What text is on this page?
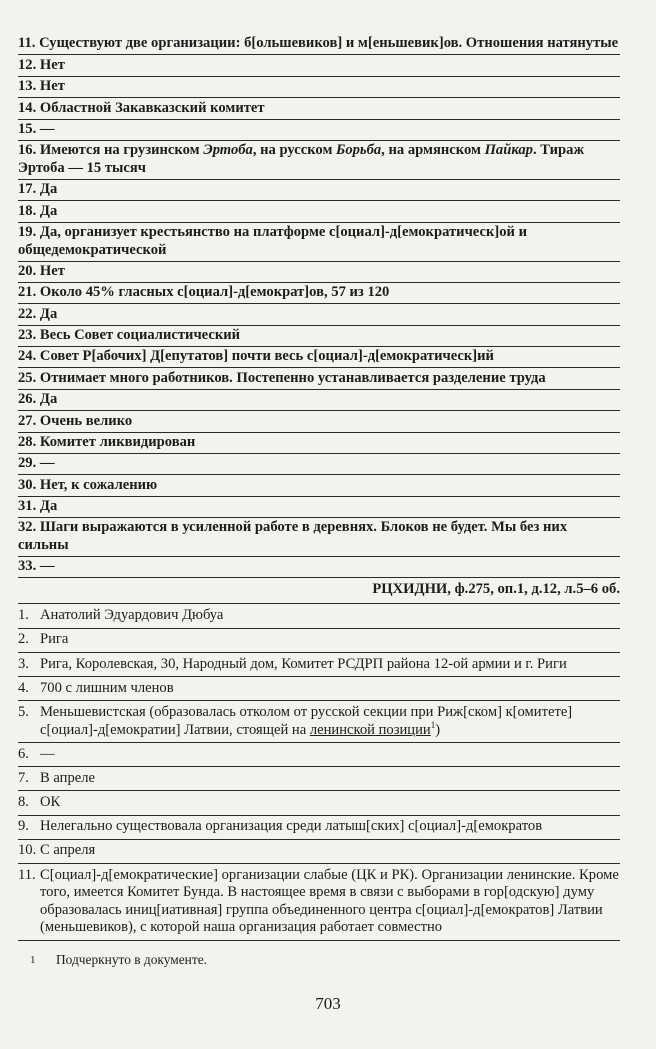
11. Существуют две организации: б[ольшевиков] и м[еньшевик]ов. Отношения натянутые
12. Нет
13. Нет
14. Областной Закавказский комитет
15. —
16. Имеются на грузинском Эртоба, на русском Борьба, на армянском Пайкар. Тираж Эртоба — 15 тысяч
17. Да
18. Да
19. Да, организует крестьянство на платформе с[оциал]-д[емократическ]ой и общедемократической
20. Нет
21. Около 45% гласных с[оциал]-д[емократ]ов, 57 из 120
22. Да
23. Весь Совет социалистический
24. Совет Р[абочих] Д[епутатов] почти весь с[оциал]-д[емократическ]ий
25. Отнимает много работников. Постепенно устанавливается разделение труда
26. Да
27. Очень велико
28. Комитет ликвидирован
29. —
30. Нет, к сожалению
31. Да
32. Шаги выражаются в усиленной работе в деревнях. Блоков не будет. Мы без них сильны
33. —
РЦХИДНИ, ф.275, оп.1, д.12, л.5–6 об.
1. Анатолий Эдуардович Дюбуа
2. Рига
3. Рига, Королевская, 30, Народный дом, Комитет РСДРП района 12-ой армии и г. Риги
4. 700 с лишним членов
5. Меньшевистская (образовалась отколом от русской секции при Риж[ском] к[омитете] с[оциал]-д[емократии] Латвии, стоящей на ленинской позиции$^1$)
6. —
7. В апреле
8. ОК
9. Нелегально существовала организация среди латыш[ских] с[оциал]-д[емократов
10. С апреля
11. С[оциал]-д[емократические] организации слабые (ЦК и РК). Организации ленинские. Кроме того, имеется Комитет Бунда. В настоящее время в связи с выборами в гор[одскую] думу образовалась иниц[иативная] группа объединенного центра с[оциал]-д[емократов] Латвии (меньшевиков), с которой наша организация работает совместно
1 Подчеркнуто в документе.
703
